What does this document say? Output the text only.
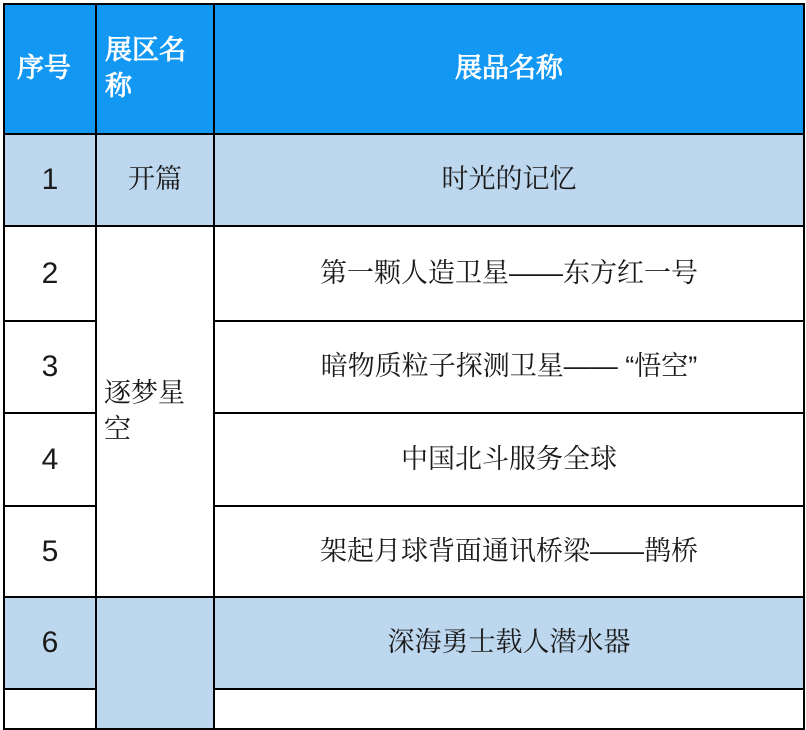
序号	展区名称	展品名称
1	开篇	时光的记忆
2	逐梦星空	第一颗人造卫星——东方红一号
3		暗物质粒子探测卫星—— “悟空”
4		中国北斗服务全球
5		架起月球背面通讯桥梁——鹊桥
6		深海勇士载人潜水器
